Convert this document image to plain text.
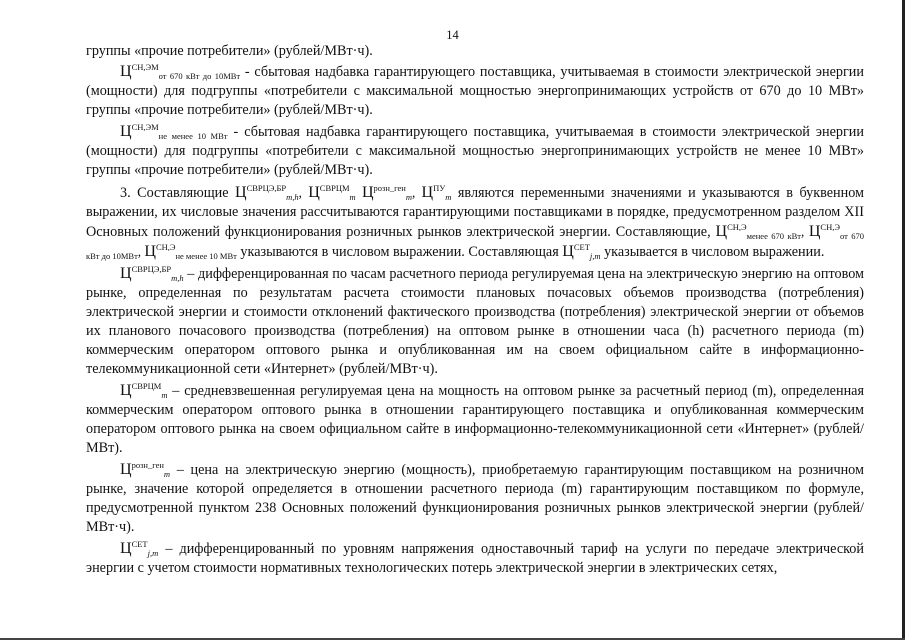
14

группы «прочие потребители» (рублей/МВт·ч).

$Ц^{СН,ЭМ}_{от 670 кВт до 10МВт}$ - сбытовая надбавка гарантирующего поставщика, учитываемая в стоимости электрической энергии (мощности) для подгруппы «потребители с максимальной мощностью энергопринимающих устройств от 670 до 10 МВт» группы «прочие потребители» (рублей/МВт·ч).

$Ц^{СН,ЭМ}_{не менее 10 МВт}$ - сбытовая надбавка гарантирующего поставщика, учитываемая в стоимости электрической энергии (мощности) для подгруппы «потребители с максимальной мощностью энергопринимающих устройств не менее 10 МВт» группы «прочие потребители» (рублей/МВт·ч).

3. Составляющие $Ц^{СВРЦЭ,БР}_{m,h}$, $Ц^{СВРЦМ}_m$ $Ц^{розн\_ген}_m$, $Ц^{ПУ}_m$ являются переменными значениями и указываются в буквенном выражении, их числовые значения рассчитываются гарантирующими поставщиками в порядке, предусмотренном разделом XII Основных положений функционирования розничных рынков электрической энергии. Составляющие, $Ц^{СН,Э}_{менее 670 кВт}$, $Ц^{СН,Э}_{от 670 кВт до 10МВт}$, $Ц^{СН,Э}_{не менее 10 МВт}$ указываются в числовом выражении. Составляющая $Ц^{СЕТ}_{j,m}$ указывается в числовом выражении.

$Ц^{СВРЦЭ,БР}_{m,h}$ – дифференцированная по часам расчетного периода регулируемая цена на электрическую энергию на оптовом рынке, определенная по результатам расчета стоимости плановых почасовых объемов производства (потребления) электрической энергии и стоимости отклонений фактического производства (потребления) электрической энергии от объемов их планового почасового производства (потребления) на оптовом рынке в отношении часа (h) расчетного периода (m) коммерческим оператором оптового рынка и опубликованная им на своем официальном сайте в информационно-телекоммуникационной сети «Интернет» (рублей/МВт·ч).

$Ц^{СВРЦМ}_m$ – средневзвешенная регулируемая цена на мощность на оптовом рынке за расчетный период (m), определенная коммерческим оператором оптового рынка в отношении гарантирующего поставщика и опубликованная коммерческим оператором оптового рынка на своем официальном сайте в информационно-телекоммуникационной сети «Интернет» (рублей/МВт).

$Ц^{розн\_ген}_m$ – цена на электрическую энергию (мощность), приобретаемую гарантирующим поставщиком на розничном рынке, значение которой определяется в отношении расчетного периода (m) гарантирующим поставщиком по формуле, предусмотренной пунктом 238 Основных положений функционирования розничных рынков электрической энергии (рублей/МВт·ч).

$Ц^{СЕТ}_{j,m}$ – дифференцированный по уровням напряжения одноставочный тариф на услуги по передаче электрической энергии с учетом стоимости нормативных технологических потерь электрической энергии в электрических сетях,
